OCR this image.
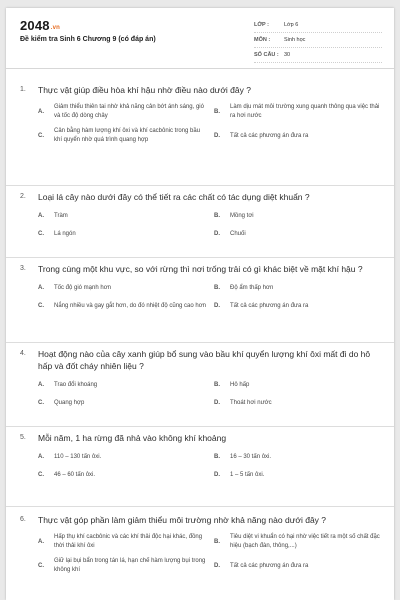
2048.vn
Đề kiểm tra Sinh 6 Chương 9 (có đáp án)
LỚP :	Lớp 6
MÔN :	Sinh học
SỐ CÂU : 30
1.	Thực vật giúp điều hòa khí hậu nhờ điều nào dưới đây ?
A.
Giảm thiểu thiên tai nhờ khả năng cản bớt ánh sáng, gió và tốc độ dòng chảy
B.
Làm dịu mát môi trường xung quanh thông qua việc thải ra hơi nước
C.
Cân bằng hàm lượng khí ôxi và khí cacbônic trong bầu khí quyển nhờ quá trình quang hợp
D.	Tất cả các phương án đưa ra
2.	Loại lá cây nào dưới đây có thể tiết ra các chất có tác dụng diệt khuẩn ?
A.	Tràm	B.	Mồng tơi
C.	Lá ngón	D.	Chuối
3.	Trong cùng một khu vực, so với rừng thì nơi trống trải có gì khác biệt về mặt khí hậu ?
A.	Tốc độ gió mạnh hơn	B.	Độ ẩm thấp hơn
C.	Nắng nhiều và gay gắt hơn, do đó nhiệt độ cũng cao hơn	D.	Tất cả các phương án đưa ra
4.	Hoạt động nào của cây xanh giúp bổ sung vào bầu khí quyển lượng khí ôxi mất đi do hô hấp và đốt cháy nhiên liệu ?
A.	Trao đổi khoáng	B.	Hô hấp
C.	Quang hợp	D.	Thoát hơi nước
5.	Mỗi năm, 1 ha rừng đã nhả vào không khí khoảng
A.	110 – 130 tấn ôxi.	B.	16 – 30 tấn ôxi.
C.	46 – 60 tấn ôxi.	D.	1 – 5 tấn ôxi.
6.	Thực vật góp phần làm giảm thiểu môi trường nhờ khả năng nào dưới đây ?
A.
Hấp thụ khí cacbônic và các khí thải độc hại khác, đồng thời thải khí ôxi
B.
Tiêu diệt vi khuẩn có hại nhờ việc tiết ra một số chất đặc hiệu (bạch đàn, thông,...)
C.
Giữ lại bụi bẩn trong tán lá, hạn chế hàm lượng bụi trong không khí
D.	Tất cả các phương án đưa ra
